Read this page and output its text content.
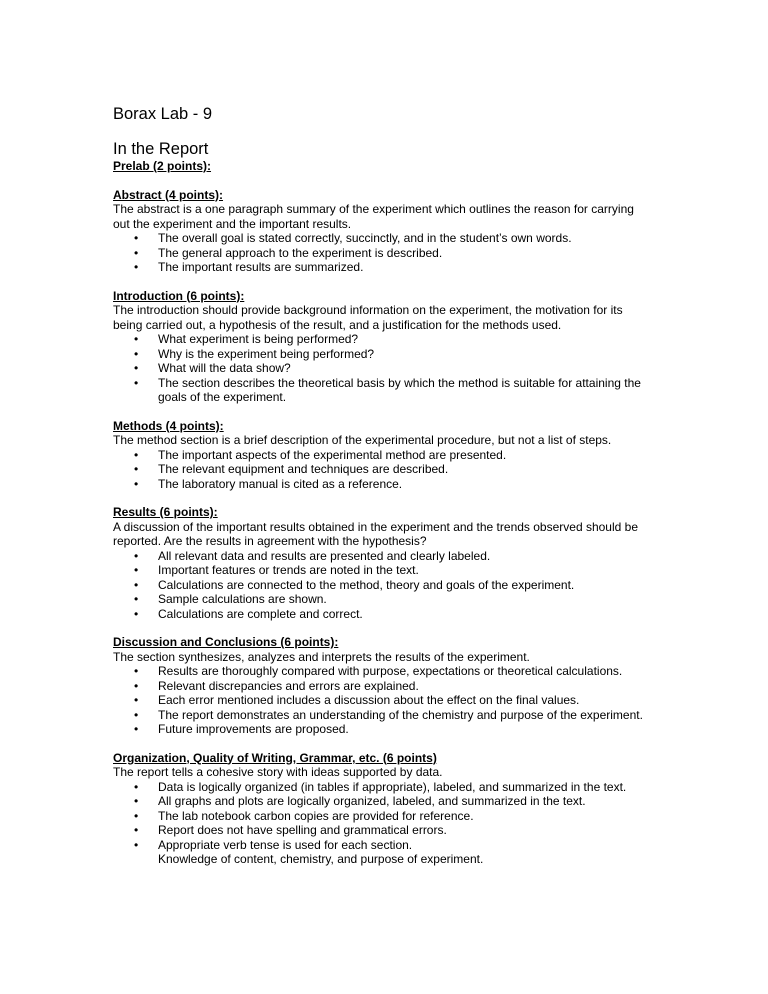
Borax Lab - 9
In the Report
Prelab (2 points):
Abstract (4 points):
The abstract is a one paragraph summary of the experiment which outlines the reason for carrying out the experiment and the important results.
• The overall goal is stated correctly, succinctly, and in the student’s own words.
• The general approach to the experiment is described.
• The important results are summarized.
Introduction (6 points):
The introduction should provide background information on the experiment, the motivation for its being carried out, a hypothesis of the result, and a justification for the methods used.
• What experiment is being performed?
• Why is the experiment being performed?
• What will the data show?
• The section describes the theoretical basis by which the method is suitable for attaining the goals of the experiment.
Methods (4 points):
The method section is a brief description of the experimental procedure, but not a list of steps.
• The important aspects of the experimental method are presented.
• The relevant equipment and techniques are described.
• The laboratory manual is cited as a reference.
Results (6 points):
A discussion of the important results obtained in the experiment and the trends observed should be reported. Are the results in agreement with the hypothesis?
• All relevant data and results are presented and clearly labeled.
• Important features or trends are noted in the text.
• Calculations are connected to the method, theory and goals of the experiment.
• Sample calculations are shown.
• Calculations are complete and correct.
Discussion and Conclusions (6 points):
The section synthesizes, analyzes and interprets the results of the experiment.
• Results are thoroughly compared with purpose, expectations or theoretical calculations.
• Relevant discrepancies and errors are explained.
• Each error mentioned includes a discussion about the effect on the final values.
• The report demonstrates an understanding of the chemistry and purpose of the experiment.
• Future improvements are proposed.
Organization, Quality of Writing, Grammar, etc. (6 points)
The report tells a cohesive story with ideas supported by data.
• Data is logically organized (in tables if appropriate), labeled, and summarized in the text.
• All graphs and plots are logically organized, labeled, and summarized in the text.
• The lab notebook carbon copies are provided for reference.
• Report does not have spelling and grammatical errors.
• Appropriate verb tense is used for each section.
Knowledge of content, chemistry, and purpose of experiment.
